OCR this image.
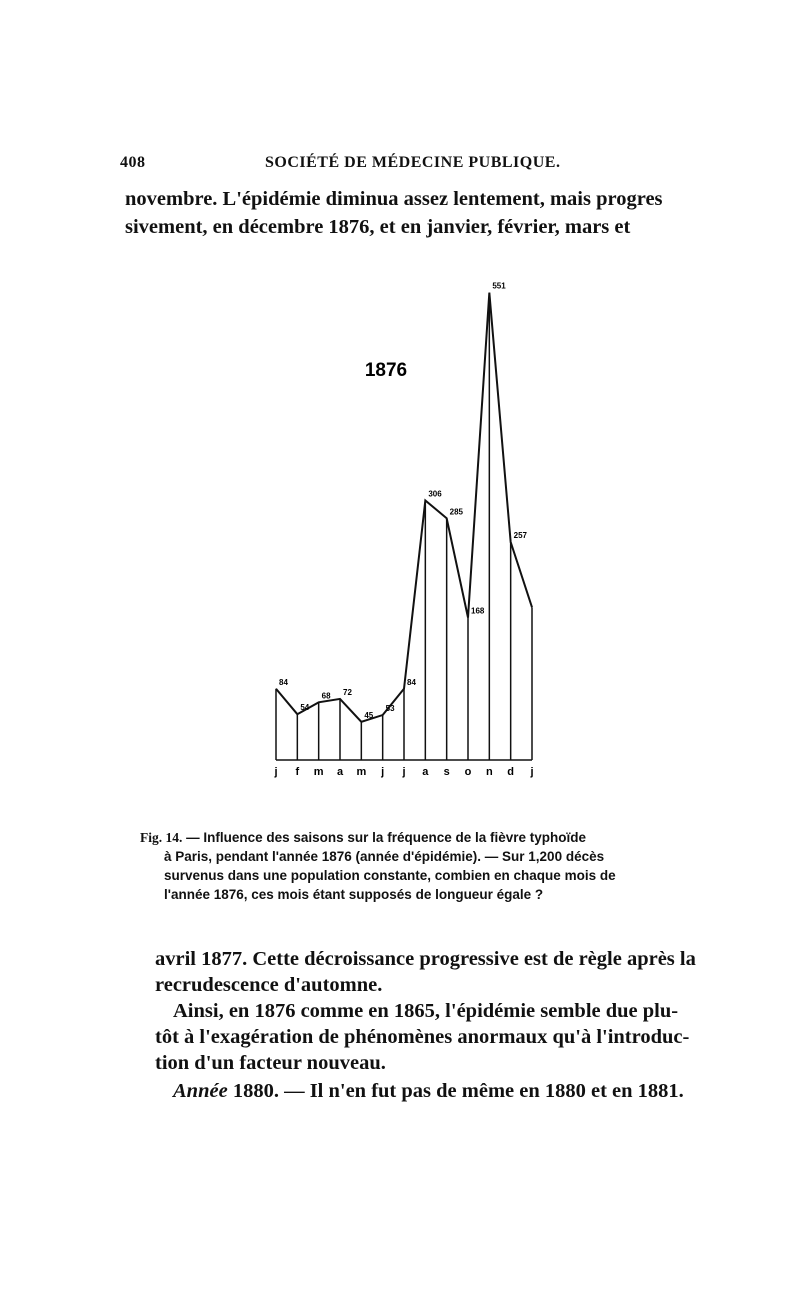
408	SOCIÉTÉ DE MÉDECINE PUBLIQUE.
novembre. L'épidémie diminua assez lentement, mais progres
sivement, en décembre 1876, et en janvier, février, mars et
1876
84
54
68 72
45
53
84
306
285
168
551
257
j f m a m j j a s o n d j
Fig. 14. — Influence des saisons sur la fréquence de la fièvre typhoïde
à Paris, pendant l'année 1876 (année d'épidémie). — Sur 1,200 décès
survenus dans une population constante, combien en chaque mois de
l'année 1876, ces mois étant supposés de longueur égale ?
avril 1877. Cette décroissance progressive est de règle après la
recrudescence d'automne.
Ainsi, en 1876 comme en 1865, l'épidémie semble due plu-
tôt à l'exagération de phénomènes anormaux qu'à l'introduc-
tion d'un facteur nouveau.
Année 1880. — Il n'en fut pas de même en 1880 et en 1881.
